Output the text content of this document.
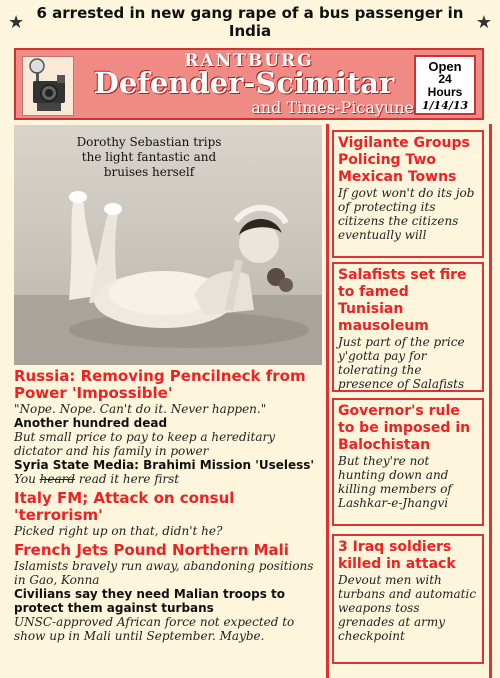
★ 6 arrested in new gang rape of a bus passenger in India	★
RANTBURG
Defender-Scimitar
and Times-Picayune
Open
24
Hours
1/14/13
Dorothy Sebastian trips the light fantastic and bruises herself
Russia: Removing Pencilneck from Power 'Impossible'
"Nope. Nope. Can't do it. Never happen."
Another hundred dead
But small price to pay to keep a hereditary dictator and his family in power
Syria State Media: Brahimi Mission 'Useless'
You heard read it here first
Italy FM; Attack on consul 'terrorism'
Picked right up on that, didn't he?
French Jets Pound Northern Mali
Islamists bravely run away, abandoning positions in Gao, Konna
Civilians say they need Malian troops to protect them against turbans
UNSC-approved African force not expected to show up in Mali until September. Maybe.
Vigilante Groups Policing Two Mexican Towns
If govt won't do its job of protecting its citizens the citizens eventually will
Salafists set fire to famed Tunisian mausoleum
Just part of the price y'gotta pay for tolerating the presence of Salafists
Governor's rule to be imposed in Balochistan
But they're not hunting down and killing members of Lashkar-e-Jhangvi
3 Iraq soldiers killed in attack
Devout men with turbans and automatic weapons toss grenades at army checkpoint
